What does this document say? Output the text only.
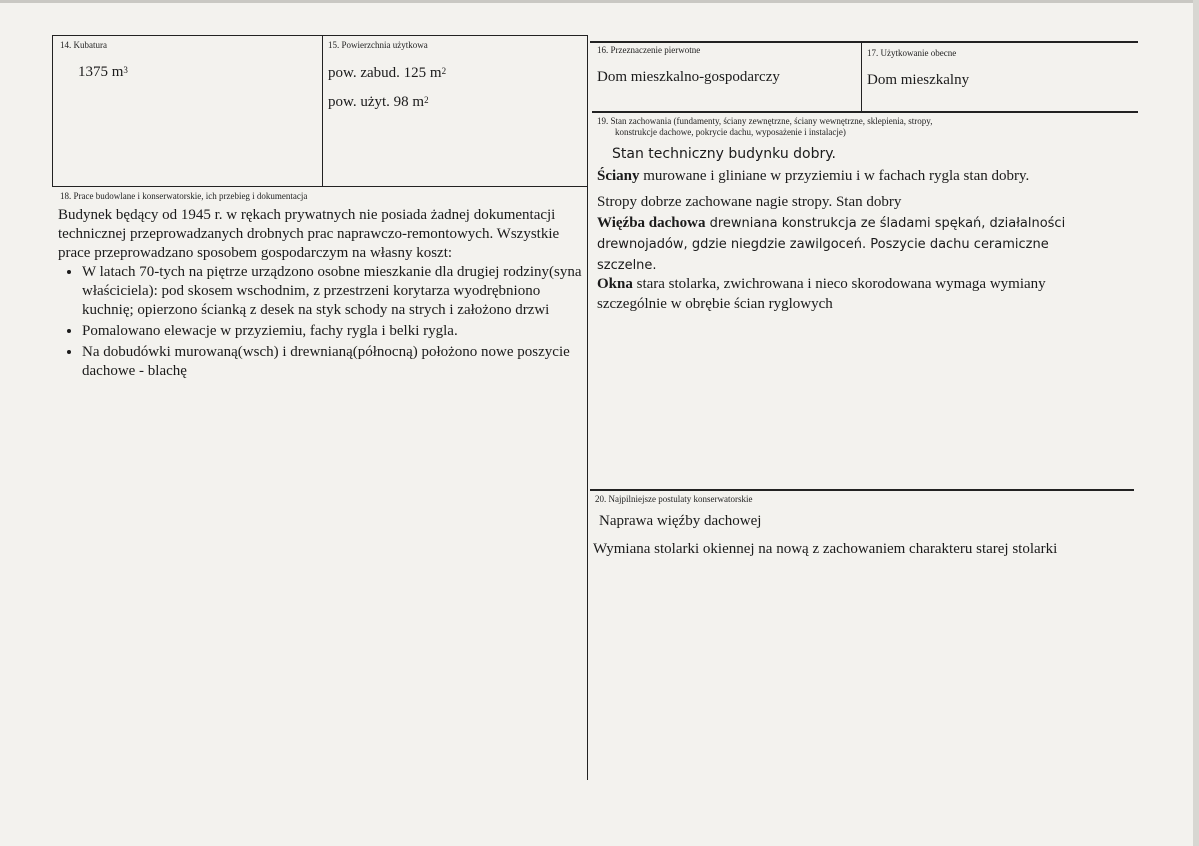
14. Kubatura
1375 $m^3$
15. Powierzchnia użytkowa
pow. zabud. 125 $m^2$
pow. użyt. 98 $m^2$
16. Przeznaczenie pierwotne
Dom mieszkalno-gospodarczy
17. Użytkowanie obecne
Dom mieszkalny
19. Stan zachowania (fundamenty, ściany zewnętrzne, ściany wewnętrzne, sklepienia, stropy,
konstrukcje dachowe, pokrycie dachu, wyposażenie i instalacje)
Stan techniczny budynku dobry.
Ściany murowane i gliniane w przyziemiu i w fachach rygla stan dobry.
Stropy dobrze zachowane nagie stropy. Stan dobry
Więźba dachowa drewniana konstrukcja ze śladami spękań, działalności drewnojadów, gdzie niegdzie zawilgoceń. Poszycie dachu ceramiczne szczelne.
Okna stara stolarka, zwichrowana i nieco skorodowana wymaga wymiany szczególnie w obrębie ścian ryglowych
18. Prace budowlane i konserwatorskie, ich przebieg i dokumentacja
Budynek będący od 1945 r. w rękach prywatnych nie posiada żadnej dokumentacji technicznej przeprowadzanych drobnych prac naprawczo-remontowych. Wszystkie prace przeprowadzano sposobem gospodarczym na własny koszt:
• W latach 70-tych na piętrze urządzono osobne mieszkanie dla drugiej rodziny(syna właściciela): pod skosem wschodnim, z przestrzeni korytarza wyodrębniono kuchnię; opierzono ścianką z desek na styk schody na strych i założono drzwi
• Pomalowano elewacje w przyziemiu, fachy rygla i belki rygla.
• Na dobudówki murowaną(wsch) i drewnianą(północną) położono nowe poszycie dachowe - blachę
20. Najpilniejsze postulaty konserwatorskie
Naprawa więźby dachowej
Wymiana stolarki okiennej na nową z zachowaniem charakteru starej stolarki
